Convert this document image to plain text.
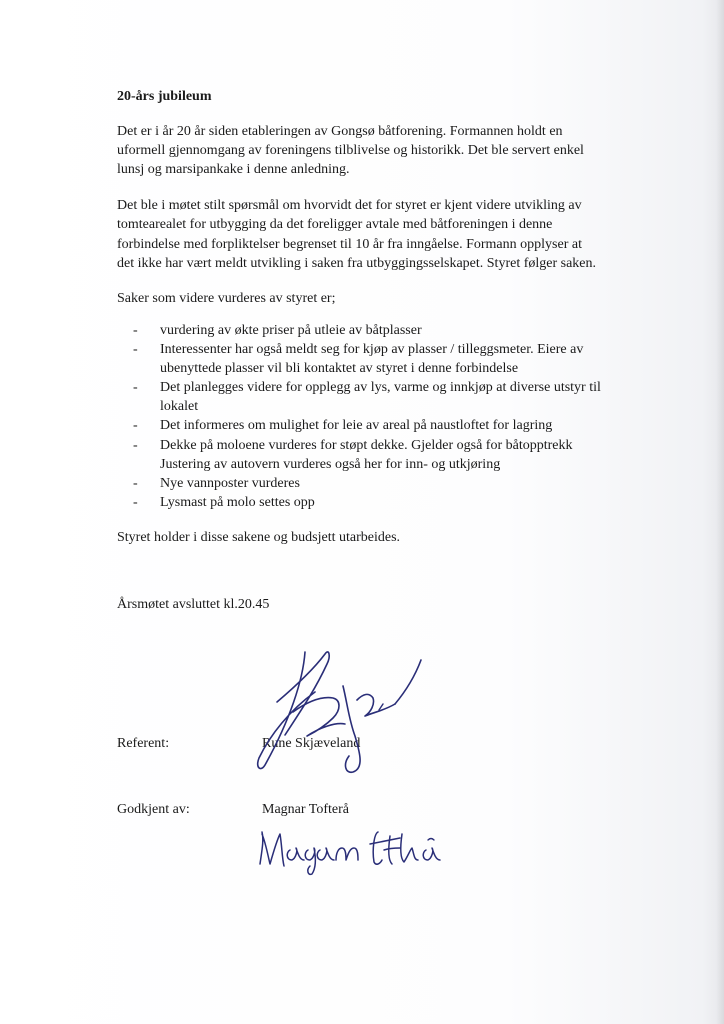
20-års jubileum
Det er i år 20 år siden etableringen av Gongsø båtforening. Formannen holdt en
uformell gjennomgang av foreningens tilblivelse og historikk. Det ble servert enkel
lunsj og marsipankake i denne anledning.
Det ble i møtet stilt spørsmål om hvorvidt det for styret er kjent videre utvikling av
tomtearealet for utbygging da det foreligger avtale med båtforeningen i denne
forbindelse med forpliktelser begrenset til 10 år fra inngåelse. Formann opplyser at
det ikke har vært meldt utvikling i saken fra utbyggingsselskapet. Styret følger saken.
Saker som videre vurderes av styret er;
- vurdering av økte priser på utleie av båtplasser
- Interessenter har også meldt seg for kjøp av plasser / tilleggsmeter. Eiere av
ubenyttede plasser vil bli kontaktet av styret i denne forbindelse
- Det planlegges videre for opplegg av lys, varme og innkjøp at diverse utstyr til
lokalet
- Det informeres om mulighet for leie av areal på naustloftet for lagring
- Dekke på moloene vurderes for støpt dekke. Gjelder også for båtopptrekk
Justering av autovern vurderes også her for inn- og utkjøring
- Nye vannposter vurderes
- Lysmast på molo settes opp
Styret holder i disse sakene og budsjett utarbeides.
Årsmøtet avsluttet kl.20.45
Referent:	Rune Skjæveland
Godkjent av:	Magnar Tofterå
